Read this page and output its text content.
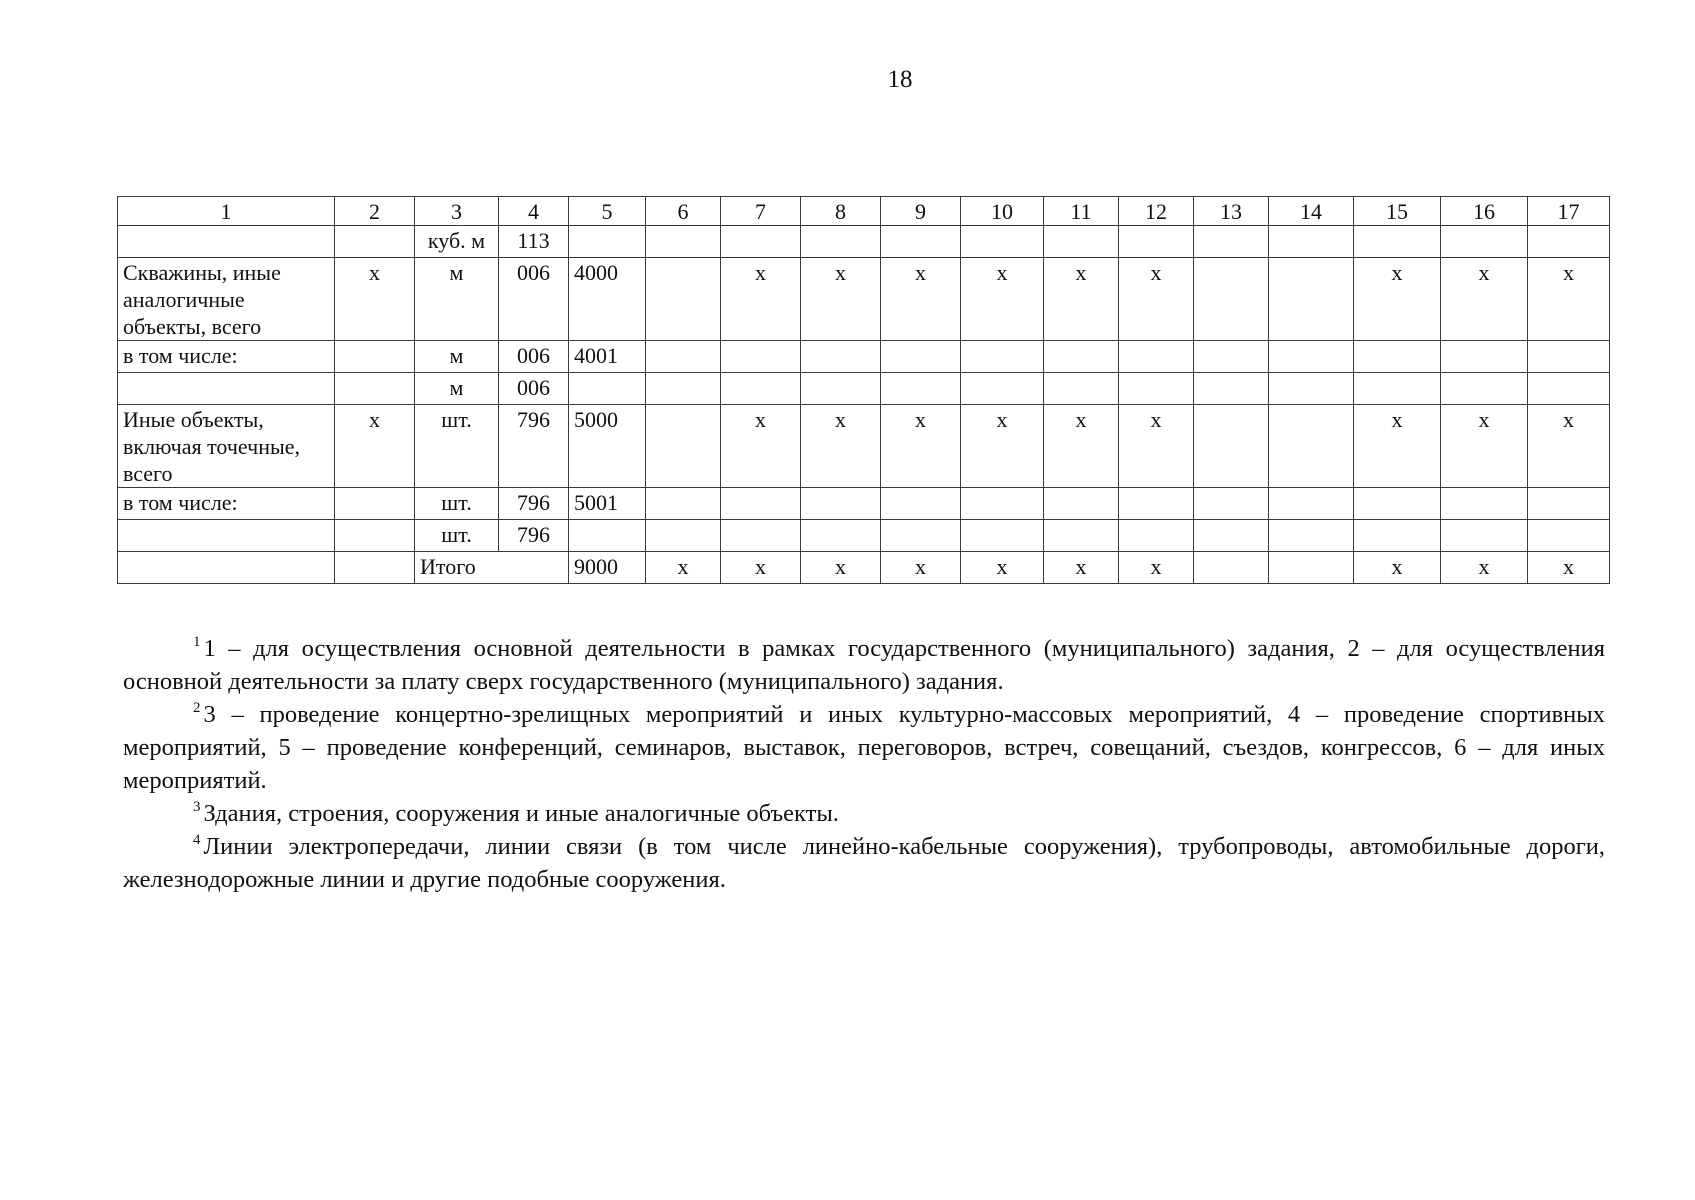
18
1	2	3	4	5	6	7	8	9	10	11	12	13	14	15	16	17
		куб. м	113													
Скважины, иные аналогичные объекты, всего	х	м	006	4000		х	х	х	х	х	х			х	х	х
в том числе:		м	006	4001												
		м	006													
Иные объекты, включая точечные, всего	х	шт.	796	5000		х	х	х	х	х	х			х	х	х
в том числе:		шт.	796	5001												
		шт.	796													
		Итого		9000	х	х	х	х	х	х	х			х	х	х

$^1$ 1 – для осуществления основной деятельности в рамках государственного (муниципального) задания, 2 – для осуществления основной деятельности за плату сверх государственного (муниципального) задания.

$^2$ 3 – проведение концертно-зрелищных мероприятий и иных культурно-массовых мероприятий, 4 – проведение спортивных мероприятий, 5 – проведение конференций, семинаров, выставок, переговоров, встреч, совещаний, съездов, конгрессов, 6 – для иных мероприятий.

$^3$ Здания, строения, сооружения и иные аналогичные объекты.

$^4$ Линии электропередачи, линии связи (в том числе линейно-кабельные сооружения), трубопроводы, автомобильные дороги, железнодорожные линии и другие подобные сооружения.
